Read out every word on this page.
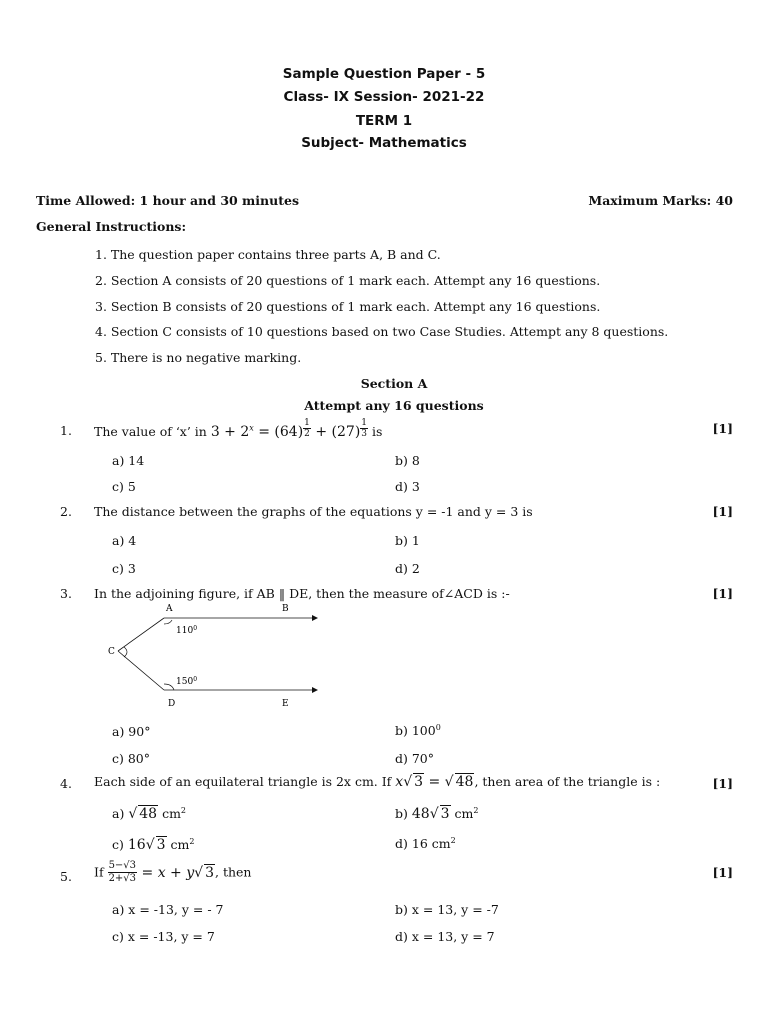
Sample Question Paper - 5
Class- IX Session- 2021-22
TERM 1
Subject- Mathematics
Time Allowed: 1 hour and 30 minutes	Maximum Marks: 40
General Instructions:
1. The question paper contains three parts A, B and C.
2. Section A consists of 20 questions of 1 mark each. Attempt any 16 questions.
3. Section B consists of 20 questions of 1 mark each. Attempt any 16 questions.
4. Section C consists of 10 questions based on two Case Studies. Attempt any 8 questions.
5. There is no negative marking.
Section A
Attempt any 16 questions
1. The value of ‘x’ in $3 + 2^x = (64) ^{\frac{1}{2}} + (27)$ $^{\frac{1}{3}}$ is	[1]
a) 14	b) 8
c) 5	d) 3
2. The distance between the graphs of the equations y = -1 and y = 3 is	[1]
a) 4	b) 1
c) 3	d) 2
3. In the adjoining figure, if AB ‖ DE, then the measure of∠ACD is :-	[1]
A	B
C
D	E
$110^0$
$150^0$
a) 90°	b) $100^0$
c) 80°	d) 70°
4. Each side of an equilateral triangle is 2x cm. If x√ 3 = √ 48, then area of the triangle is :	[1]
a) √ 48 $cm^2$	b) 48√ 3 $cm^2$
c) 16√ 3 $cm^2$	d) 16 $cm^2$
5. If $\frac{5-√3}{2+√3} = x + y√$ 3, then	[1]
a) x = -13, y = - 7	b) x = 13, y = -7
c) x = -13, y = 7	d) x = 13, y = 7
